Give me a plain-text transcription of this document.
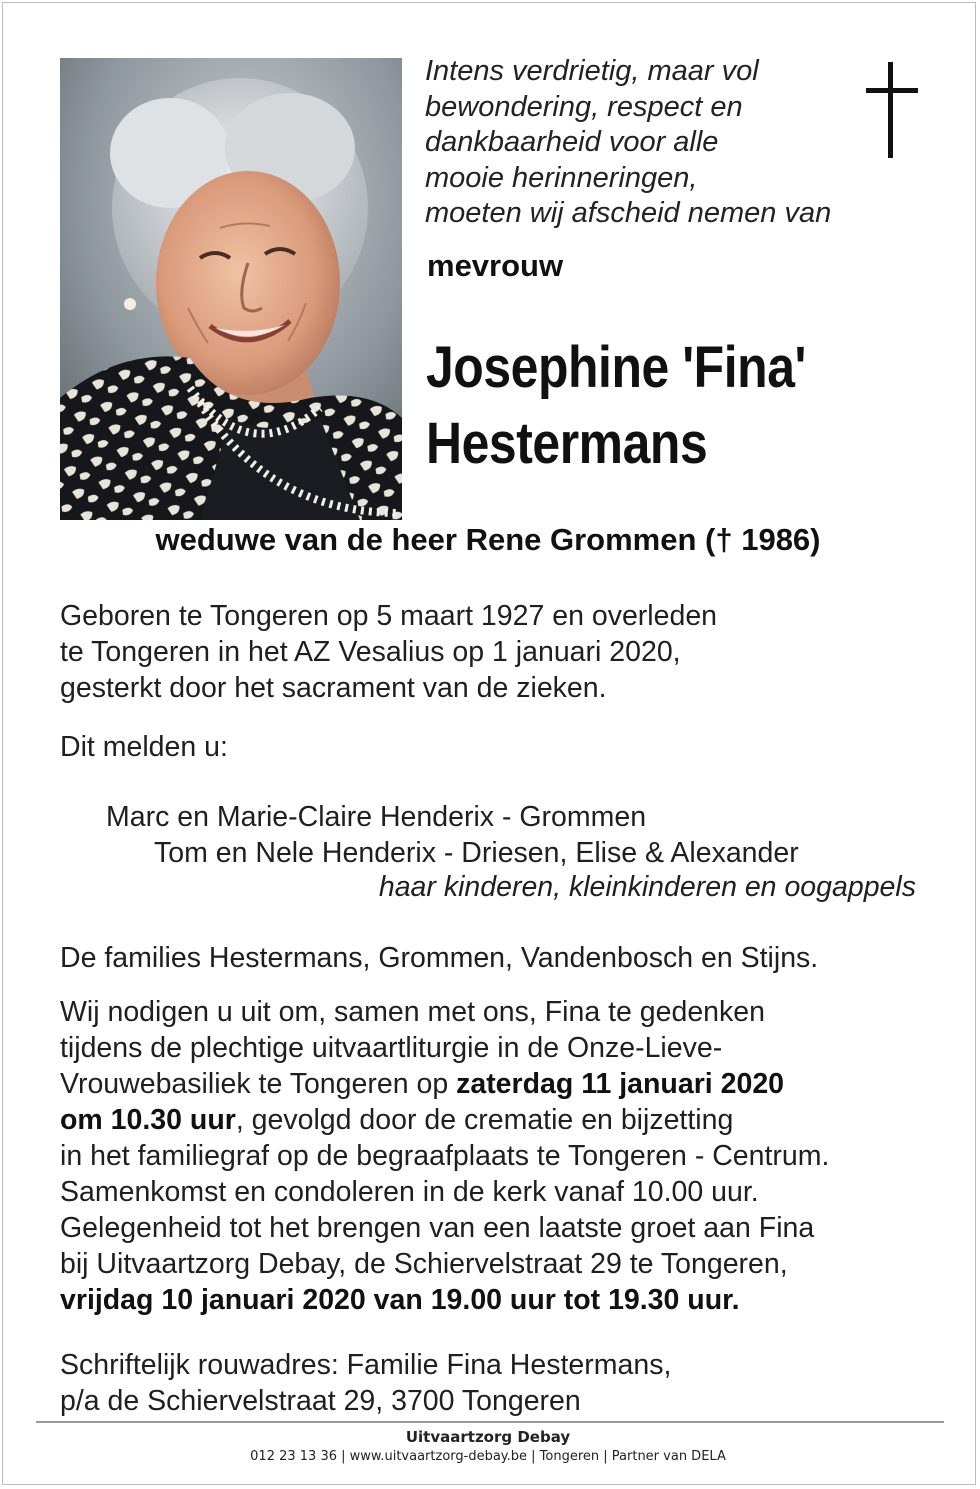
Intens verdrietig, maar vol
bewondering, respect en
dankbaarheid voor alle
mooie herinneringen,
moeten wij afscheid nemen van
mevrouw
Josephine 'Fina'
Hestermans
weduwe van de heer Rene Grommen († 1986)
Geboren te Tongeren op 5 maart 1927 en overleden
te Tongeren in het AZ Vesalius op 1 januari 2020,
gesterkt door het sacrament van de zieken.
Dit melden u:
Marc en Marie-Claire Henderix - Grommen
Tom en Nele Henderix - Driesen, Elise & Alexander
haar kinderen, kleinkinderen en oogappels
De families Hestermans, Grommen, Vandenbosch en Stijns.
Wij nodigen u uit om, samen met ons, Fina te gedenken
tijdens de plechtige uitvaartliturgie in de Onze-Lieve-
Vrouwebasiliek te Tongeren op zaterdag 11 januari 2020
om 10.30 uur, gevolgd door de crematie en bijzetting
in het familiegraf op de begraafplaats te Tongeren - Centrum.
Samenkomst en condoleren in de kerk vanaf 10.00 uur.
Gelegenheid tot het brengen van een laatste groet aan Fina
bij Uitvaartzorg Debay, de Schiervelstraat 29 te Tongeren,
vrijdag 10 januari 2020 van 19.00 uur tot 19.30 uur.
Schriftelijk rouwadres: Familie Fina Hestermans,
p/a de Schiervelstraat 29, 3700 Tongeren
Uitvaartzorg Debay
012 23 13 36 | www.uitvaartzorg-debay.be | Tongeren | Partner van DELA
